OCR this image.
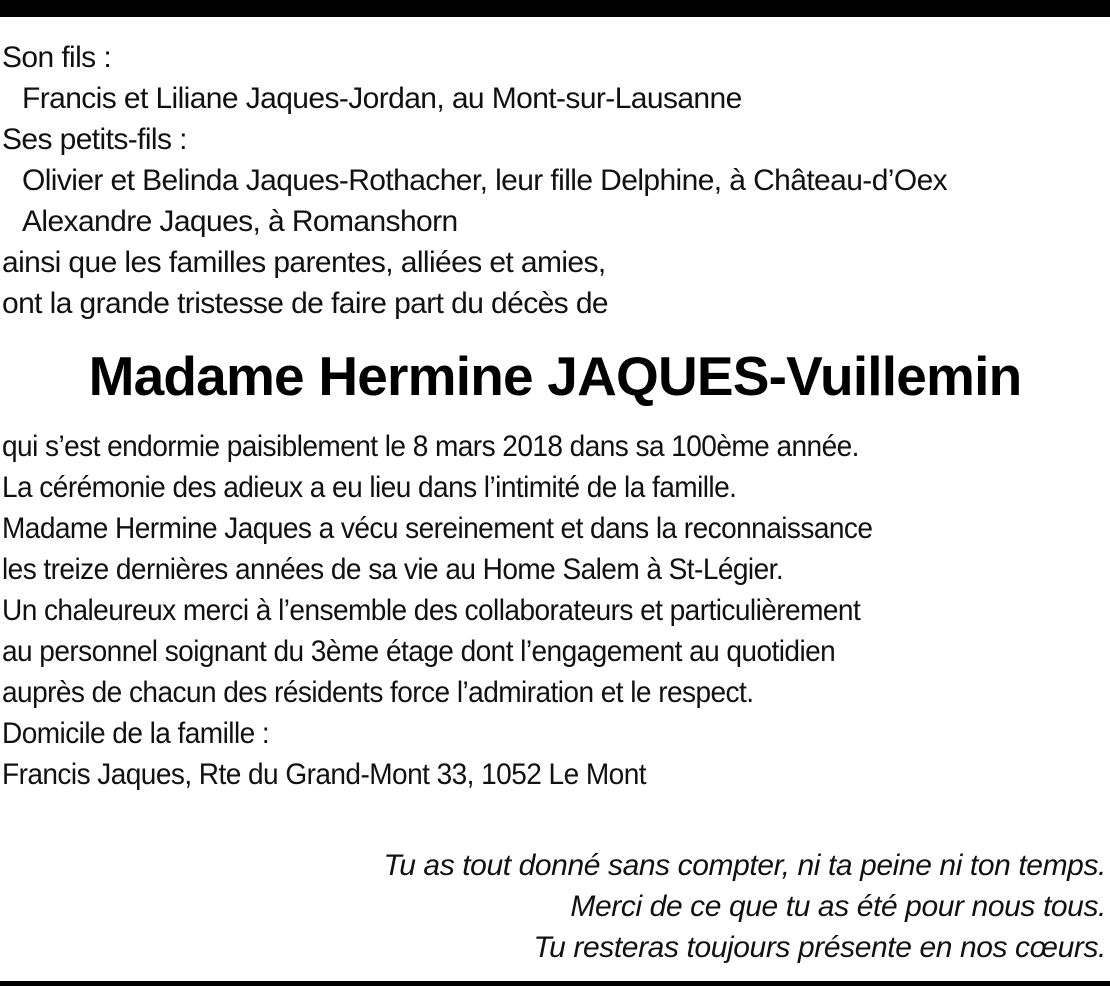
Son fils :
Francis et Liliane Jaques-Jordan, au Mont-sur-Lausanne
Ses petits-fils :
Olivier et Belinda Jaques-Rothacher, leur fille Delphine, à Château-d’Oex
Alexandre Jaques, à Romanshorn
ainsi que les familles parentes, alliées et amies,
ont la grande tristesse de faire part du décès de
Madame Hermine JAQUES-Vuillemin
qui s’est endormie paisiblement le 8 mars 2018 dans sa 100ème année.
La cérémonie des adieux a eu lieu dans l’intimité de la famille.
Madame Hermine Jaques a vécu sereinement et dans la reconnaissance
les treize dernières années de sa vie au Home Salem à St-Légier.
Un chaleureux merci à l’ensemble des collaborateurs et particulièrement
au personnel soignant du 3ème étage dont l’engagement au quotidien
auprès de chacun des résidents force l’admiration et le respect.
Domicile de la famille :
Francis Jaques, Rte du Grand-Mont 33, 1052 Le Mont
Tu as tout donné sans compter, ni ta peine ni ton temps.
Merci de ce que tu as été pour nous tous.
Tu resteras toujours présente en nos cœurs.
